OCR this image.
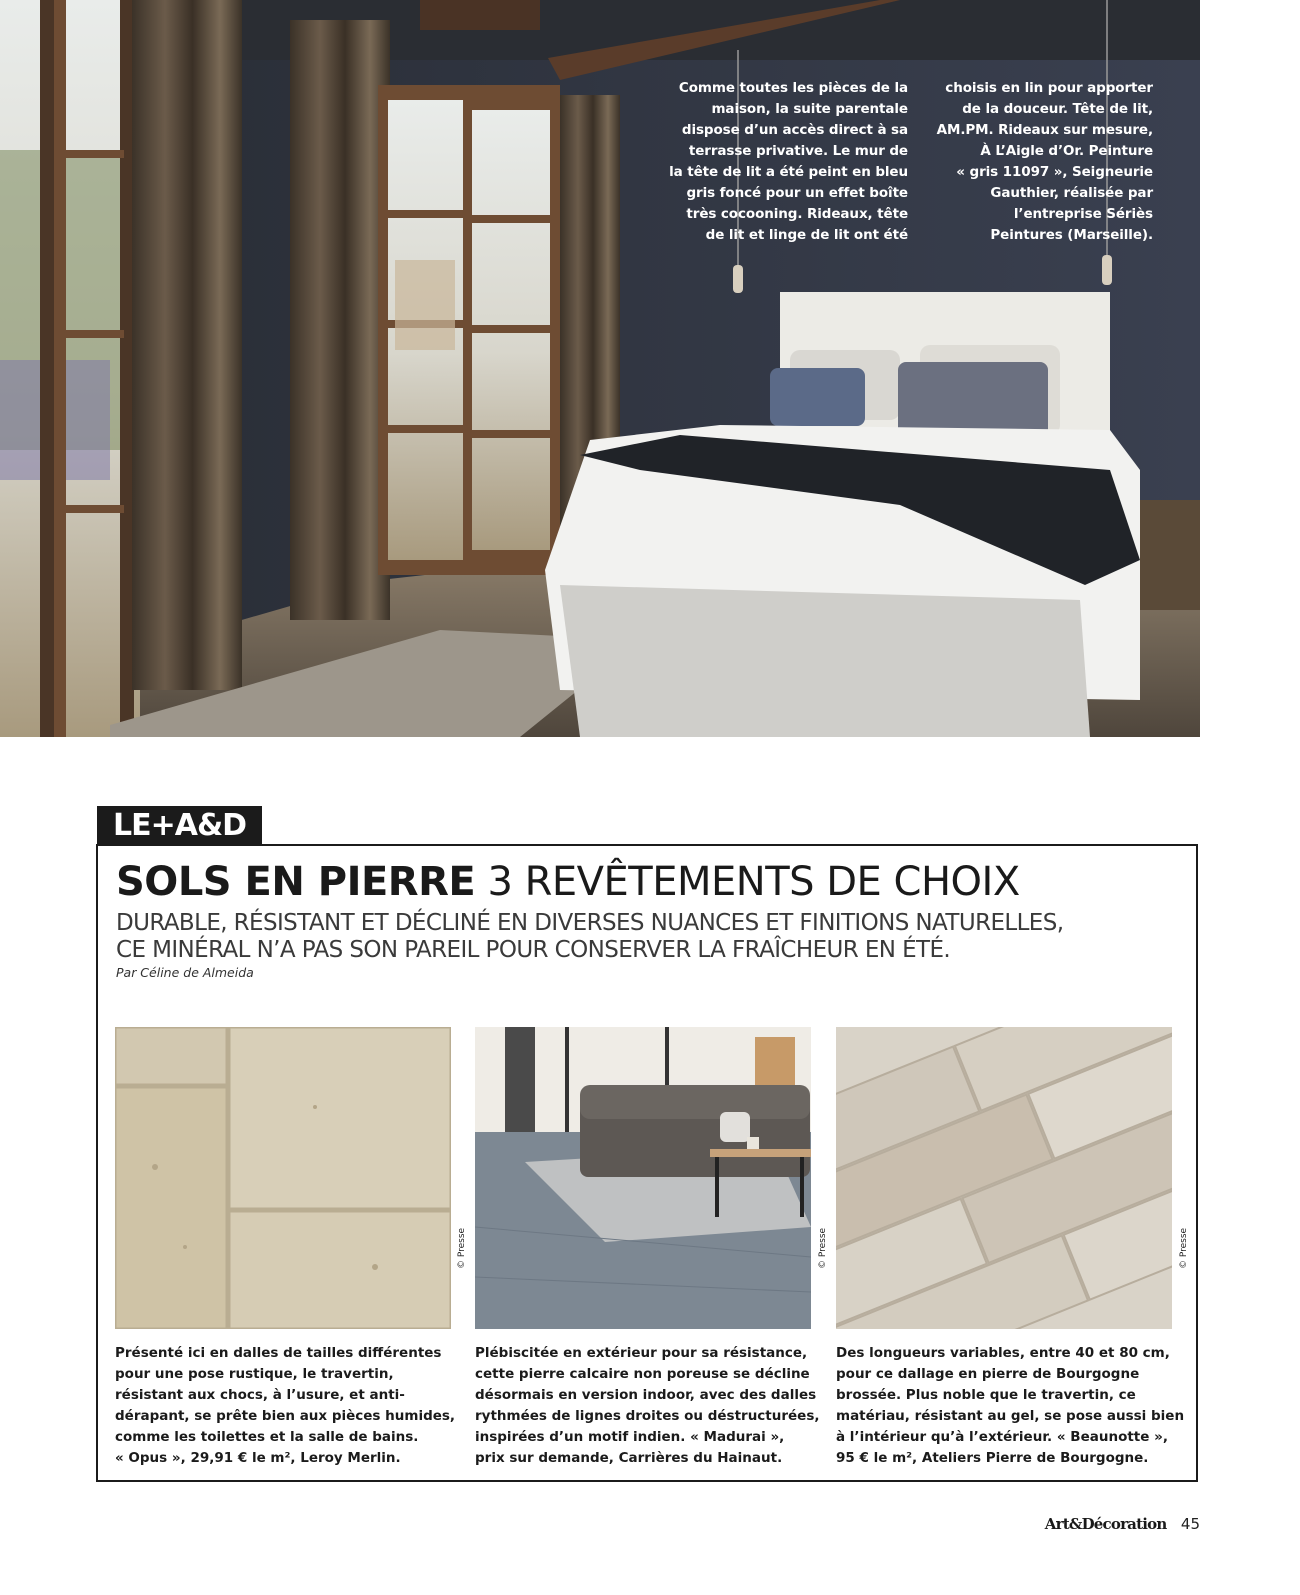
Comme toutes les pièces de la
maison, la suite parentale
dispose d’un accès direct à sa
terrasse privative. Le mur de
la tête de lit a été peint en bleu
gris foncé pour un effet boîte
très cocooning. Rideaux, tête
de lit et linge de lit ont été
choisis en lin pour apporter
de la douceur. Tête de lit,
AM.PM. Rideaux sur mesure,
À L’Aigle d’Or. Peinture
« gris 11097 », Seigneurie
Gauthier, réalisée par
l’entreprise Sériès
Peintures (Marseille).
LE+A&D
SOLS EN PIERRE 3 REVÊTEMENTS DE CHOIX
DURABLE, RÉSISTANT ET DÉCLINÉ EN DIVERSES NUANCES ET FINITIONS NATURELLES,
CE MINÉRAL N’A PAS SON PAREIL POUR CONSERVER LA FRAÎCHEUR EN ÉTÉ.
Par Céline de Almeida
Présenté ici en dalles de tailles différentes
pour une pose rustique, le travertin,
résistant aux chocs, à l’usure, et anti-
dérapant, se prête bien aux pièces humides,
comme les toilettes et la salle de bains.
« Opus », 29,91 € le m², Leroy Merlin.
Plébiscitée en extérieur pour sa résistance,
cette pierre calcaire non poreuse se décline
désormais en version indoor, avec des dalles
rythmées de lignes droites ou déstructurées,
inspirées d’un motif indien. « Madurai »,
prix sur demande, Carrières du Hainaut.
Des longueurs variables, entre 40 et 80 cm,
pour ce dallage en pierre de Bourgogne
brossée. Plus noble que le travertin, ce
matériau, résistant au gel, se pose aussi bien
à l’intérieur qu’à l’extérieur. « Beaunotte »,
95 € le m², Ateliers Pierre de Bourgogne.
© Presse	© Presse	© Presse
Art&Décoration 45
